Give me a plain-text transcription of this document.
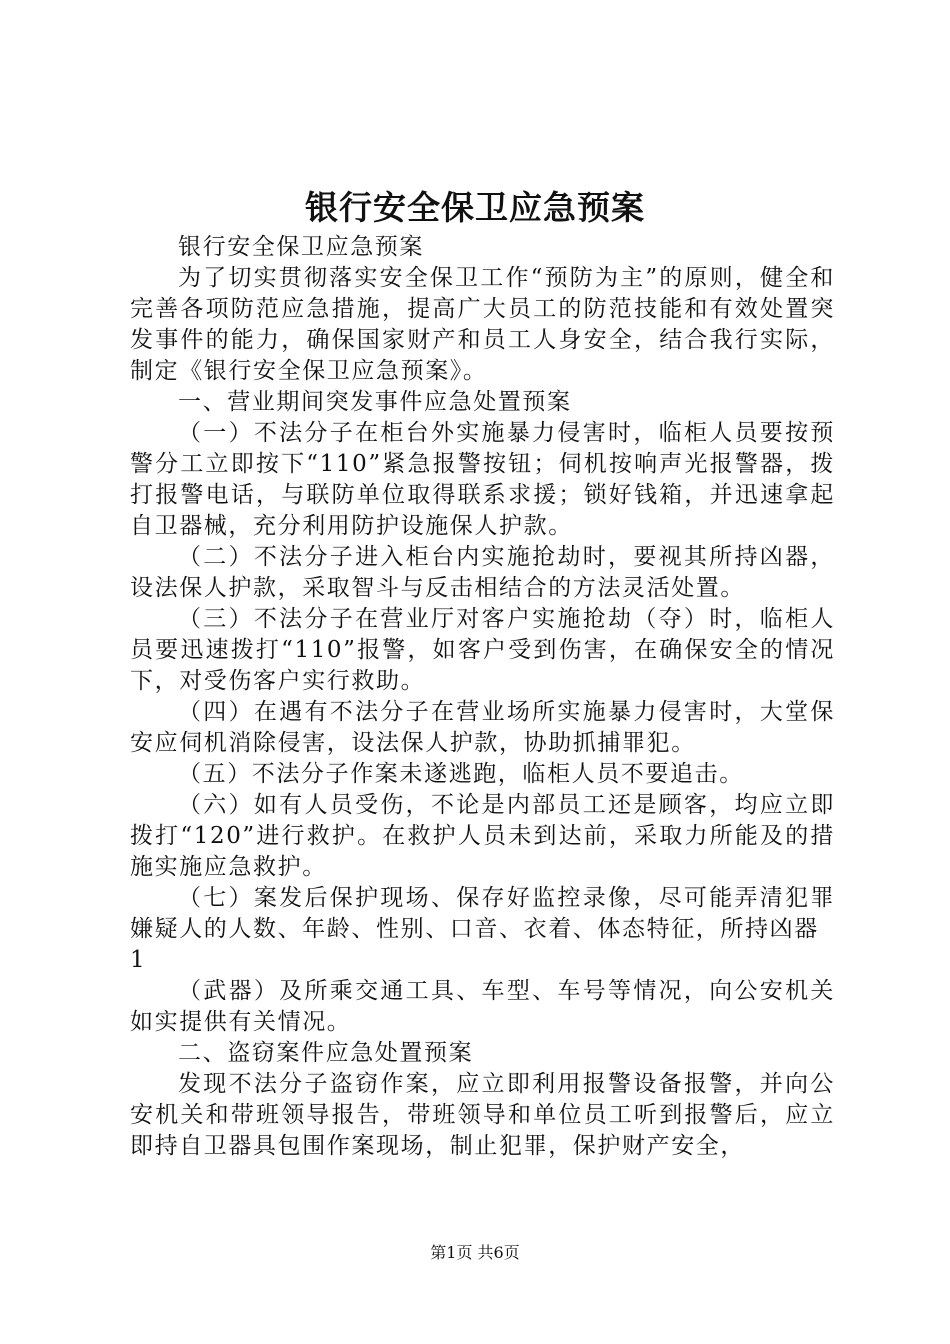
银行安全保卫应急预案

银行安全保卫应急预案

为了切实贯彻落实安全保卫工作“预防为主”的原则，健全和完善各项防范应急措施，提高广大员工的防范技能和有效处置突发事件的能力，确保国家财产和员工人身安全，结合我行实际，制定《银行安全保卫应急预案》。

一、营业期间突发事件应急处置预案

（一）不法分子在柜台外实施暴力侵害时，临柜人员要按预警分工立即按下“110”紧急报警按钮；伺机按响声光报警器，拨打报警电话，与联防单位取得联系求援；锁好钱箱，并迅速拿起自卫器械，充分利用防护设施保人护款。

（二）不法分子进入柜台内实施抢劫时，要视其所持凶器，设法保人护款，采取智斗与反击相结合的方法灵活处置。

（三）不法分子在营业厅对客户实施抢劫（夺）时，临柜人员要迅速拨打“110”报警，如客户受到伤害，在确保安全的情况下，对受伤客户实行救助。

（四）在遇有不法分子在营业场所实施暴力侵害时，大堂保安应伺机消除侵害，设法保人护款，协助抓捕罪犯。

（五）不法分子作案未遂逃跑，临柜人员不要追击。

（六）如有人员受伤，不论是内部员工还是顾客，均应立即拨打“120”进行救护。在救护人员未到达前，采取力所能及的措施实施应急救护。

（七）案发后保护现场、保存好监控录像，尽可能弄清犯罪嫌疑人的人数、年龄、性别、口音、衣着、体态特征，所持凶器

1

（武器）及所乘交通工具、车型、车号等情况，向公安机关如实提供有关情况。

二、盗窃案件应急处置预案

发现不法分子盗窃作案，应立即利用报警设备报警，并向公安机关和带班领导报告，带班领导和单位员工听到报警后，应立即持自卫器具包围作案现场，制止犯罪，保护财产安全，

第1页 共6页
